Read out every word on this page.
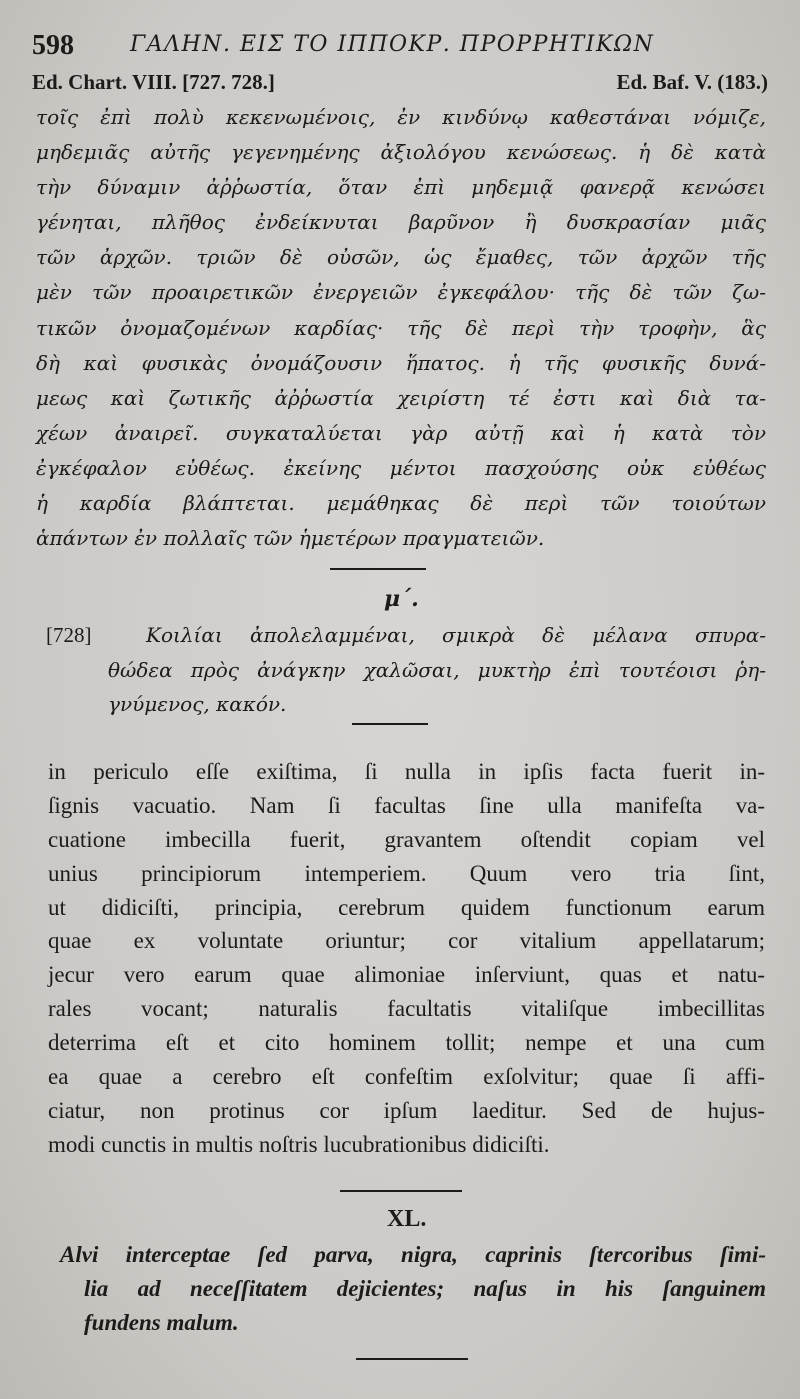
598	ΓΑΛΗΝ. ΕΙΣ ΤΟ ΙΠΠΟΚΡ. ΠΡΟΡΡΗΤΙΚΩΝ
Ed. Chart. VIII. [727. 728.]	Ed. Baf. V. (183.)
τοῖς ἐπὶ πολὺ κεκενωμένοις, ἐν κινδύνῳ καθεστάναι νόμιζε,
μηδεμιᾶς αὐτῆς γεγενημένης ἀξιολόγου κενώσεως. ἡ δὲ κατὰ
τὴν δύναμιν ἀῤῥωστία, ὅταν ἐπὶ μηδεμιᾷ φανερᾷ κενώσει
γένηται, πλῆθος ἐνδείκνυται βαρῦνον ἢ δυσκρασίαν μιᾶς
τῶν ἀρχῶν. τριῶν δὲ οὐσῶν, ὡς ἔμαθες, τῶν ἀρχῶν τῆς
μὲν τῶν προαιρετικῶν ἐνεργειῶν ἐγκεφάλου· τῆς δὲ τῶν ζω-
τικῶν ὀνομαζομένων καρδίας· τῆς δὲ περὶ τὴν τροφὴν, ἃς
δὴ καὶ φυσικὰς ὀνομάζουσιν ἥπατος. ἡ τῆς φυσικῆς δυνά-
μεως καὶ ζωτικῆς ἀῤῥωστία χειρίστη τέ ἐστι καὶ διὰ τα-
χέων ἀναιρεῖ. συγκαταλύεται γὰρ αὐτῇ καὶ ἡ κατὰ τὸν
ἐγκέφαλον εὐθέως. ἐκείνης μέντοι πασχούσης οὐκ εὐθέως
ἡ καρδία βλάπτεται. μεμάθηκας δὲ περὶ τῶν τοιούτων
ἁπάντων ἐν πολλαῖς τῶν ἡμετέρων πραγματειῶν.
μ΄.
[728]	Κοιλίαι ἀπολελαμμέναι, σμικρὰ δὲ μέλανα σπυρα-
θώδεα πρὸς ἀνάγκην χαλῶσαι, μυκτὴρ ἐπὶ τουτέοισι ῥη-
γνύμενος, κακόν.
in periculo eſſe exiſtima, ſi nulla in ipſis facta fuerit in-
ſignis vacuatio. Nam ſi facultas ſine ulla manifeſta va-
cuatione imbecilla fuerit, gravantem oſtendit copiam vel
unius principiorum intemperiem. Quum vero tria ſint,
ut didiciſti, principia, cerebrum quidem functionum earum
quae ex voluntate oriuntur; cor vitalium appellatarum;
jecur vero earum quae alimoniae inſerviunt, quas et natu-
rales vocant; naturalis facultatis vitaliſque imbecillitas
deterrima eſt et cito hominem tollit; nempe et una cum
ea quae a cerebro eſt confeſtim exſolvitur; quae ſi affi-
ciatur, non protinus cor ipſum laeditur. Sed de hujus-
modi cunctis in multis noſtris lucubrationibus didiciſti.
XL.
Alvi interceptae ſed parva, nigra, caprinis ſtercoribus ſimi-
lia ad neceſſitatem dejicientes; naſus in his ſanguinem
fundens malum.
